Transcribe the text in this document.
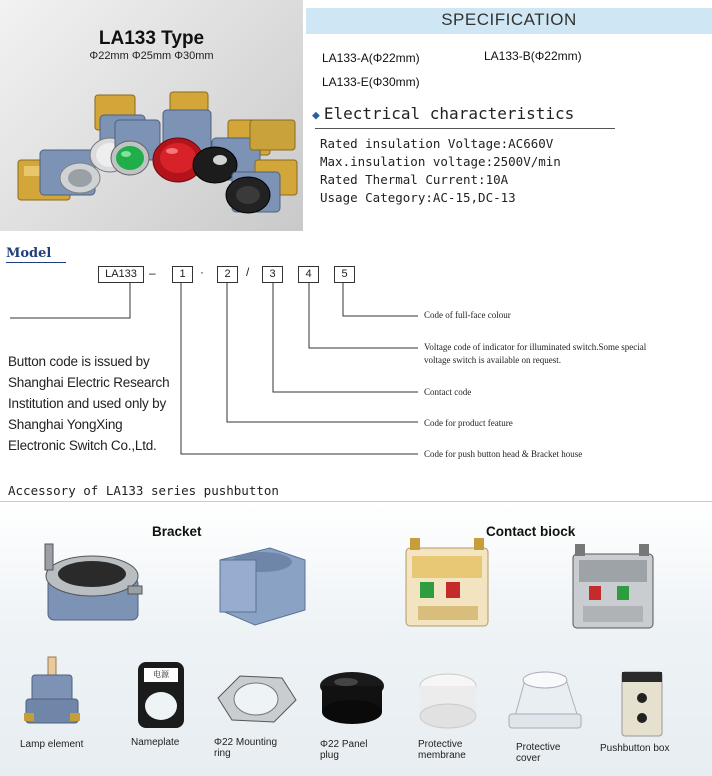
LA133 Type
Φ22mm Φ25mm Φ30mm
SPECIFICATION
LA133-A(Φ22mm)	LA133-B(Φ22mm)
LA133-E(Φ30mm)
◆ Electrical characteristics
Rated insulation Voltage:AC660V
Max.insulation voltage:2500V/min
Rated Thermal Current:10A
Usage Category:AC-15,DC-13
Model
LA133	–	1	·	2	/	3	4	5
Code of full-face colour
Voltage code of indicator for illuminated switch.Some special
voltage switch is available on request.
Contact code
Code for product feature
Code for push button head & Bracket house
Button code is issued by
Shanghai Electric Research
Institution and used only by
Shanghai YongXing
Electronic Switch Co.,Ltd.
Accessory of LA133 series pushbutton
Bracket	Contact biock
电源
Lamp element	Nameplate	Φ22 Mounting
ring
Φ22 Panel
plug
Protective
membrane
Protective
cover
Pushbutton box
